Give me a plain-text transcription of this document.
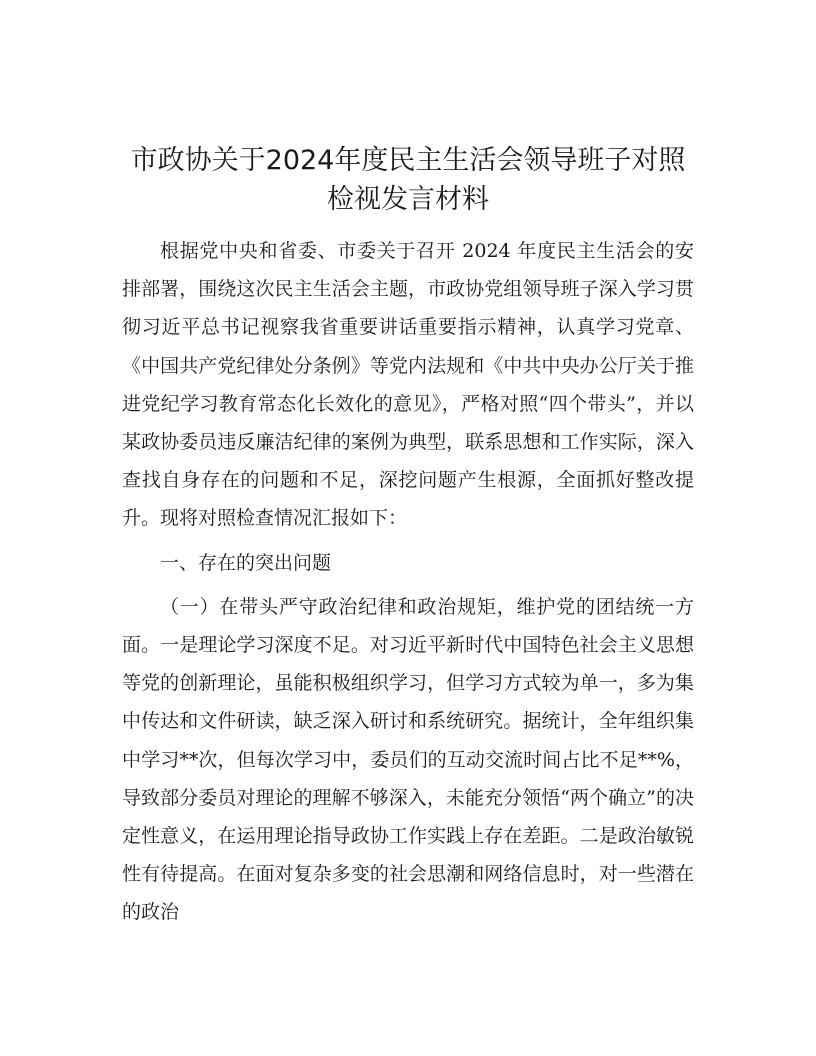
市政协关于2024年度民主生活会领导班子对照
检视发言材料

根据党中央和省委、市委关于召开 2024 年度民主生活会的安排部署，围绕这次民主生活会主题，市政协党组领导班子深入学习贯彻习近平总书记视察我省重要讲话重要指示精神，认真学习党章、《中国共产党纪律处分条例》等党内法规和《中共中央办公厅关于推进党纪学习教育常态化长效化的意见》，严格对照“四个带头”，并以某政协委员违反廉洁纪律的案例为典型，联系思想和工作实际，深入查找自身存在的问题和不足，深挖问题产生根源，全面抓好整改提升。现将对照检查情况汇报如下：

一、存在的突出问题

（一）在带头严守政治纪律和政治规矩，维护党的团结统一方面。一是理论学习深度不足。对习近平新时代中国特色社会主义思想等党的创新理论，虽能积极组织学习，但学习方式较为单一，多为集中传达和文件研读，缺乏深入研讨和系统研究。据统计，全年组织集中学习**次，但每次学习中，委员们的互动交流时间占比不足**%，导致部分委员对理论的理解不够深入，未能充分领悟“两个确立”的决定性意义，在运用理论指导政协工作实践上存在差距。二是政治敏锐性有待提高。在面对复杂多变的社会思潮和网络信息时，对一些潜在的政治
